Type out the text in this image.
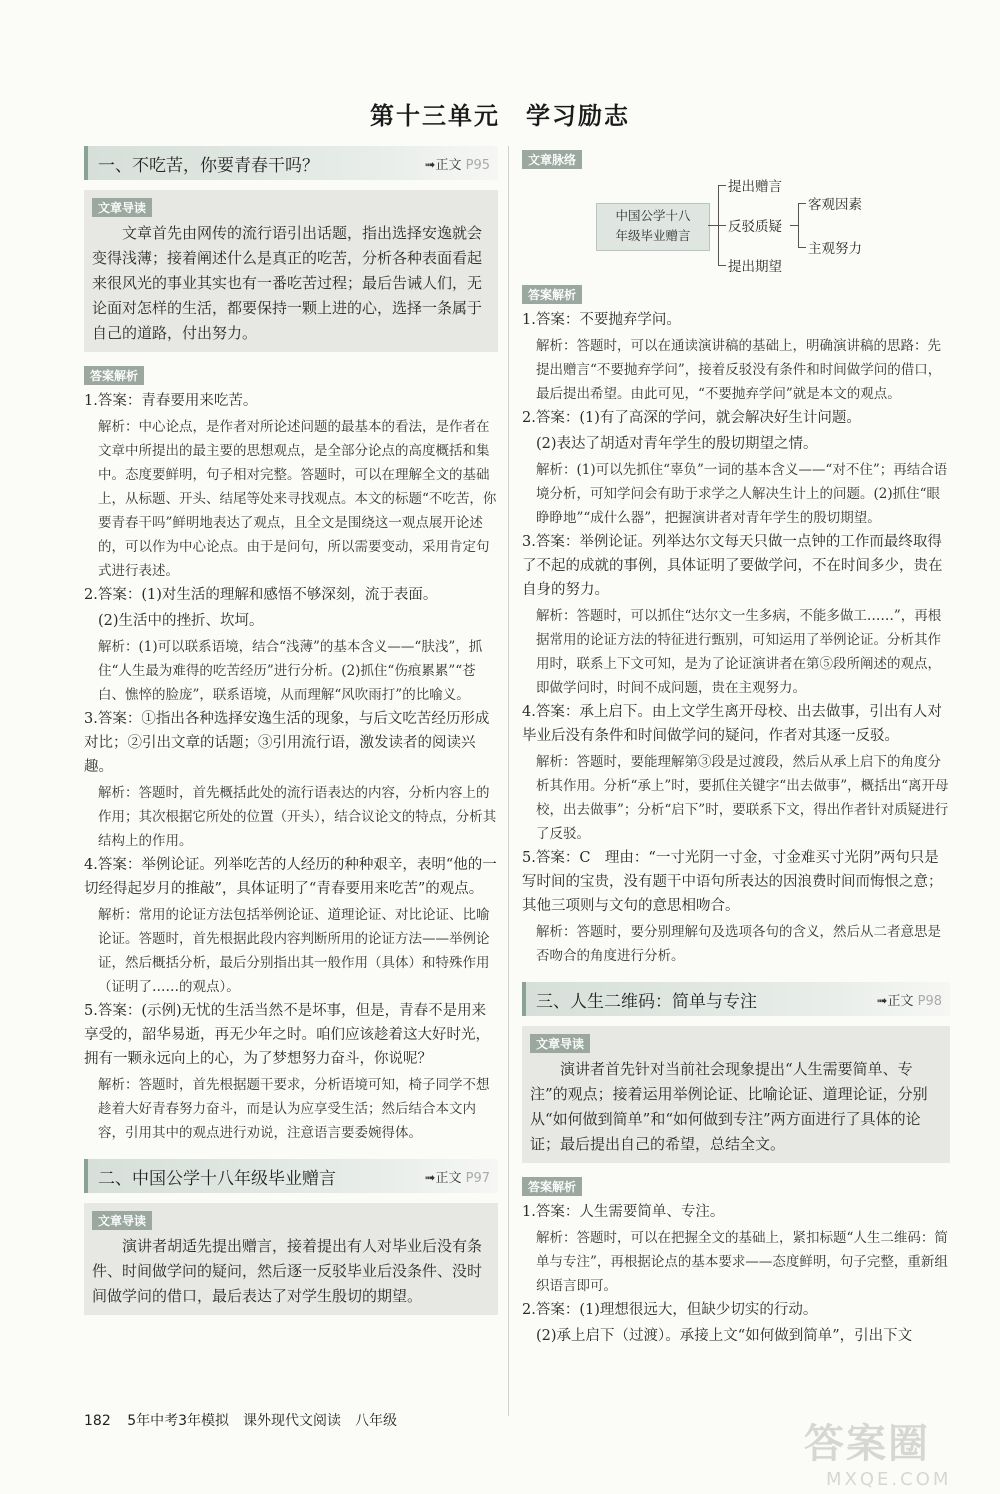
第十三单元　学习励志
一、不吃苦，你要青春干吗？	➟正文 P95
文章导读

文章首先由网传的流行语引出话题，指出选择安逸就会变得浅薄；接着阐述什么是真正的吃苦，分析各种表面看起来很风光的事业其实也有一番吃苦过程；最后告诫人们，无论面对怎样的生活，都要保持一颗上进的心，选择一条属于自己的道路，付出努力。

答案解析
1.答案：青春要用来吃苦。
解析：中心论点，是作者对所论述问题的最基本的看法，是作者在文章中所提出的最主要的思想观点，是全部分论点的高度概括和集中。态度要鲜明，句子相对完整。答题时，可以在理解全文的基础上，从标题、开头、结尾等处来寻找观点。本文的标题“不吃苦，你要青春干吗”鲜明地表达了观点，且全文是围绕这一观点展开论述的，可以作为中心论点。由于是问句，所以需要变动，采用肯定句式进行表述。
2.答案：(1)对生活的理解和感悟不够深刻，流于表面。
(2)生活中的挫折、坎坷。
解析：(1)可以联系语境，结合“浅薄”的基本含义——“肤浅”，抓住“人生最为难得的吃苦经历”进行分析。(2)抓住“伤痕累累”“苍白、憔悴的脸庞”，联系语境，从而理解“风吹雨打”的比喻义。
3.答案：①指出各种选择安逸生活的现象，与后文吃苦经历形成对比；②引出文章的话题；③引用流行语，激发读者的阅读兴趣。
解析：答题时，首先概括此处的流行语表达的内容，分析内容上的作用；其次根据它所处的位置（开头），结合议论文的特点，分析其结构上的作用。
4.答案：举例论证。列举吃苦的人经历的种种艰辛，表明“他的一切经得起岁月的推敲”，具体证明了“青春要用来吃苦”的观点。
解析：常用的论证方法包括举例论证、道理论证、对比论证、比喻论证。答题时，首先根据此段内容判断所用的论证方法——举例论证，然后概括分析，最后分别指出其一般作用（具体）和特殊作用（证明了……的观点）。
5.答案：(示例)无忧的生活当然不是坏事，但是，青春不是用来享受的，韶华易逝，再无少年之时。咱们应该趁着这大好时光，拥有一颗永远向上的心，为了梦想努力奋斗，你说呢？
解析：答题时，首先根据题干要求，分析语境可知，椅子同学不想趁着大好青春努力奋斗，而是认为应享受生活；然后结合本文内容，引用其中的观点进行劝说，注意语言要委婉得体。
二、中国公学十八年级毕业赠言	➟正文 P97
文章导读

演讲者胡适先提出赠言，接着提出有人对毕业后没有条件、时间做学问的疑问，然后逐一反驳毕业后没条件、没时间做学问的借口，最后表达了对学生殷切的期望。

文章脉络
中国公学十八
年级毕业赠言
提出赠言
反驳质疑
提出期望
客观因素
主观努力
答案解析
1.答案：不要抛弃学问。
解析：答题时，可以在通读演讲稿的基础上，明确演讲稿的思路：先提出赠言“不要抛弃学问”，接着反驳没有条件和时间做学问的借口，最后提出希望。由此可见，“不要抛弃学问”就是本文的观点。
2.答案：(1)有了高深的学问，就会解决好生计问题。
(2)表达了胡适对青年学生的殷切期望之情。
解析：(1)可以先抓住“辜负”一词的基本含义——“对不住”；再结合语境分析，可知学问会有助于求学之人解决生计上的问题。(2)抓住“眼睁睁地”“成什么器”，把握演讲者对青年学生的殷切期望。
3.答案：举例论证。列举达尔文每天只做一点钟的工作而最终取得了不起的成就的事例，具体证明了要做学问，不在时间多少，贵在自身的努力。
解析：答题时，可以抓住“达尔文一生多病，不能多做工……”，再根据常用的论证方法的特征进行甄别，可知运用了举例论证。分析其作用时，联系上下文可知，是为了论证演讲者在第⑤段所阐述的观点，即做学问时，时间不成问题，贵在主观努力。
4.答案：承上启下。由上文学生离开母校、出去做事，引出有人对毕业后没有条件和时间做学问的疑问，作者对其逐一反驳。
解析：答题时，要能理解第③段是过渡段，然后从承上启下的角度分析其作用。分析“承上”时，要抓住关键字“出去做事”，概括出“离开母校，出去做事”；分析“启下”时，要联系下文，得出作者针对质疑进行了反驳。
5.答案：C　理由：“一寸光阴一寸金，寸金难买寸光阴”两句只是写时间的宝贵，没有题干中语句所表达的因浪费时间而悔恨之意；其他三项则与文句的意思相吻合。
解析：答题时，要分别理解句及选项各句的含义，然后从二者意思是否吻合的角度进行分析。
三、人生二维码：简单与专注	➟正文 P98
文章导读

演讲者首先针对当前社会现象提出“人生需要简单、专注”的观点；接着运用举例论证、比喻论证、道理论证，分别从“如何做到简单”和“如何做到专注”两方面进行了具体的论证；最后提出自己的希望，总结全文。

答案解析
1.答案：人生需要简单、专注。
解析：答题时，可以在把握全文的基础上，紧扣标题“人生二维码：简单与专注”，再根据论点的基本要求——态度鲜明，句子完整，重新组织语言即可。
2.答案：(1)理想很远大，但缺少切实的行动。
(2)承上启下（过渡）。承接上文“如何做到简单”，引出下文
182 5年中考3年模拟　课外现代文阅读　八年级	答案圈
MXQE.COM
